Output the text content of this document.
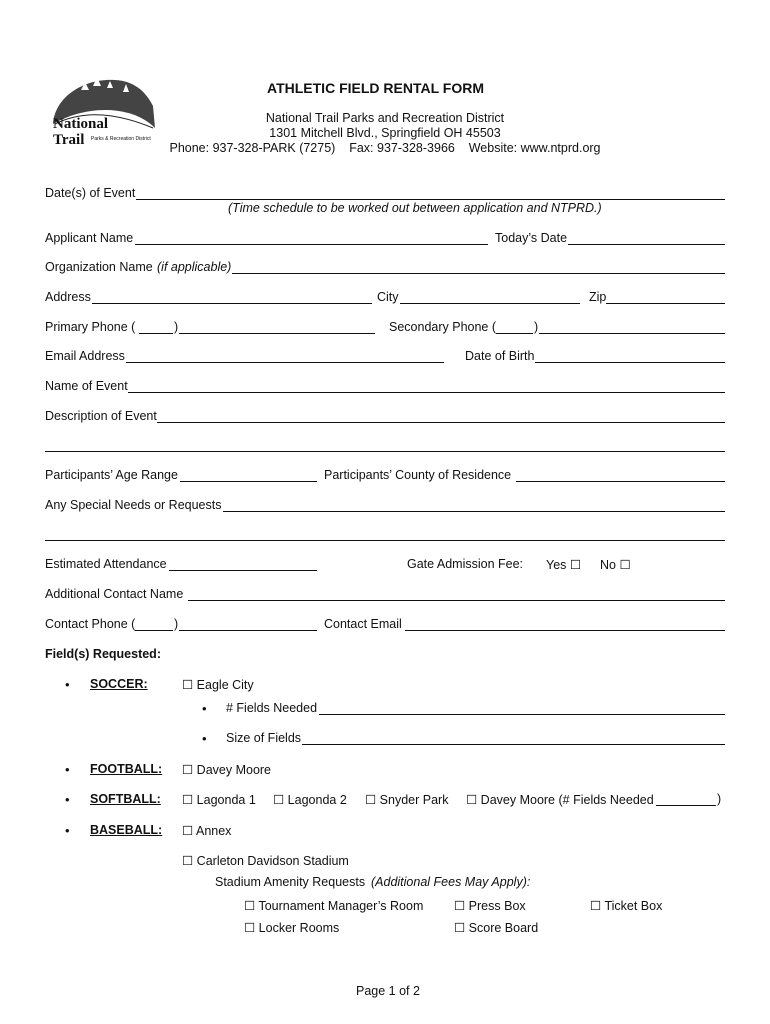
National
Trail Parks & Recreation District
ATHLETIC FIELD RENTAL FORM
National Trail Parks and Recreation District
1301 Mitchell Blvd., Springfield OH 45503
Phone: 937-328-PARK (7275)    Fax: 937-328-3966    Website: www.ntprd.org
Date(s) of Event
(Time schedule to be worked out between application and NTPRD.)
Applicant Name	Today’s Date
Organization Name (if applicable)
Address	City	Zip
Primary Phone (	)	Secondary Phone (	)
Email Address	Date of Birth
Name of Event
Description of Event
Participants’ Age Range	Participants’ County of Residence
Any Special Needs or Requests
Estimated Attendance	Gate Admission Fee: Yes ☐ No ☐
Additional Contact Name
Contact Phone (	)	Contact Email
Field(s) Requested:
• SOCCER:	☐ Eagle City
• # Fields Needed
• Size of Fields
• FOOTBALL: ☐ Davey Moore
• SOFTBALL: ☐ Lagonda 1 ☐ Lagonda 2 ☐ Snyder Park ☐ Davey Moore (# Fields Needed	)
• BASEBALL: ☐ Annex
☐ Carleton Davidson Stadium
Stadium Amenity Requests (Additional Fees May Apply):
☐ Tournament Manager’s Room ☐ Press Box	☐ Ticket Box
☐ Locker Rooms	☐ Score Board
Page 1 of 2
